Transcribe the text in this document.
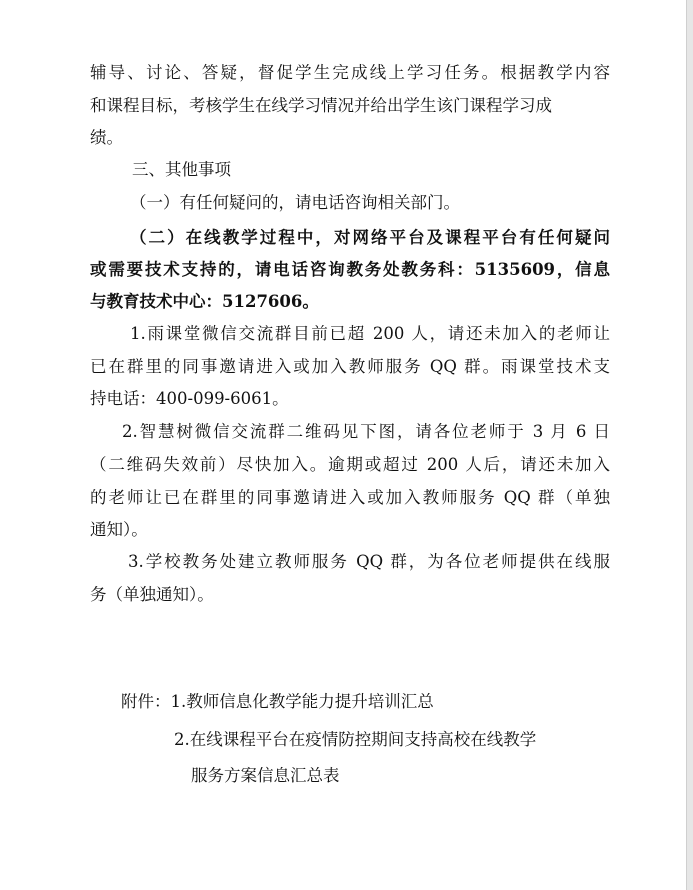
辅导、讨论、答疑，督促学生完成线上学习任务。根据教学内容
和课程目标，考核学生在线学习情况并给出学生该门课程学习成
绩。
三、其他事项
（一）有任何疑问的，请电话咨询相关部门。
（二）在线教学过程中，对网络平台及课程平台有任何疑问
或需要技术支持的，请电话咨询教务处教务科：5135609，信息
与教育技术中心：5127606。
1.雨课堂微信交流群目前已超 200 人，请还未加入的老师让
已在群里的同事邀请进入或加入教师服务 QQ 群。雨课堂技术支
持电话：400-099-6061。
2.智慧树微信交流群二维码见下图，请各位老师于 3 月 6 日
（二维码失效前）尽快加入。逾期或超过 200 人后，请还未加入
的老师让已在群里的同事邀请进入或加入教师服务 QQ 群（单独
通知）。
3.学校教务处建立教师服务 QQ 群，为各位老师提供在线服
务（单独通知）。
附件：1.教师信息化教学能力提升培训汇总
2.在线课程平台在疫情防控期间支持高校在线教学
服务方案信息汇总表
